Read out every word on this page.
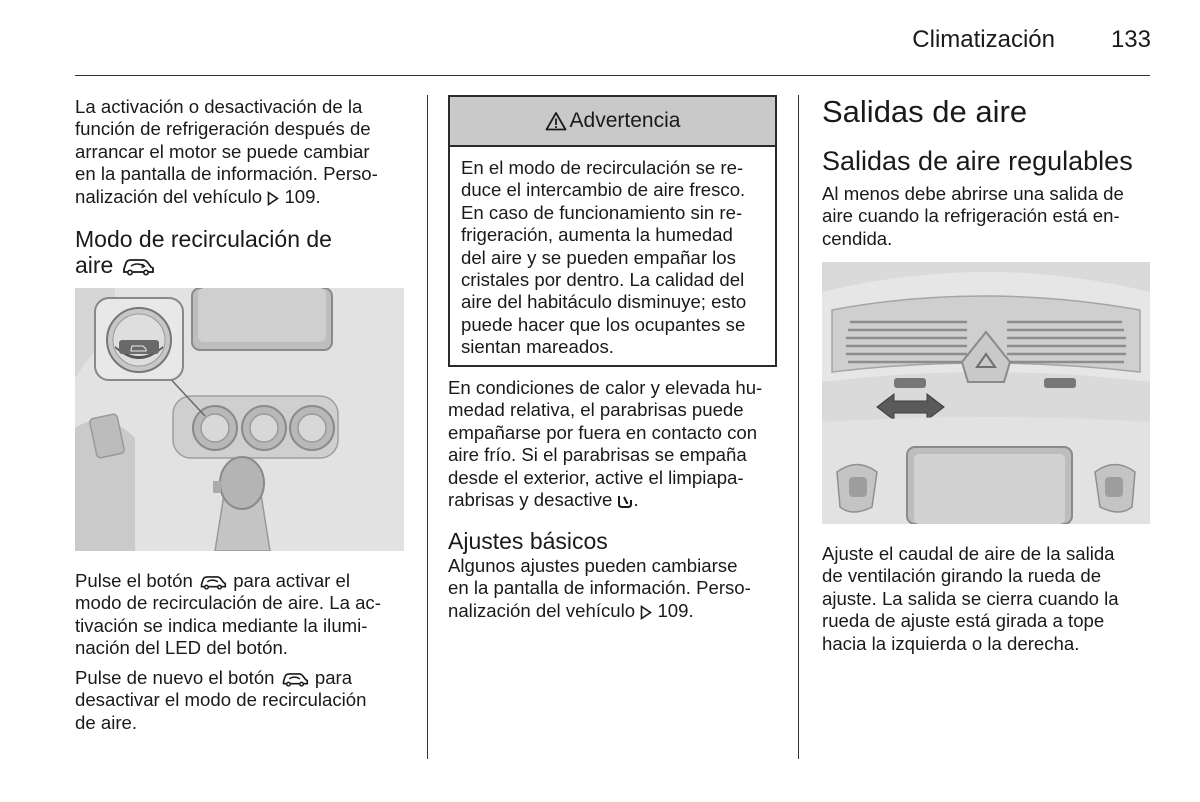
Climatización 133
La activación o desactivación de la
función de refrigeración después de
arrancar el motor se puede cambiar
en la pantalla de información. Perso-
nalización del vehículo 109.
Modo de recirculación de
aire
Pulse el botón para activar el
modo de recirculación de aire. La ac-
tivación se indica mediante la ilumi-
nación del LED del botón.
Pulse de nuevo el botón para
desactivar el modo de recirculación
de aire.
Advertencia
En el modo de recirculación se re-
duce el intercambio de aire fresco.
En caso de funcionamiento sin re-
frigeración, aumenta la humedad
del aire y se pueden empañar los
cristales por dentro. La calidad del
aire del habitáculo disminuye; esto
puede hacer que los ocupantes se
sientan mareados.
En condiciones de calor y elevada hu-
medad relativa, el parabrisas puede
empañarse por fuera en contacto con
aire frío. Si el parabrisas se empaña
desde el exterior, active el limpiapa-
rabrisas y desactive .
Ajustes básicos
Algunos ajustes pueden cambiarse
en la pantalla de información. Perso-
nalización del vehículo 109.
Salidas de aire
Salidas de aire regulables
Al menos debe abrirse una salida de
aire cuando la refrigeración está en-
cendida.
Ajuste el caudal de aire de la salida
de ventilación girando la rueda de
ajuste. La salida se cierra cuando la
rueda de ajuste está girada a tope
hacia la izquierda o la derecha.
